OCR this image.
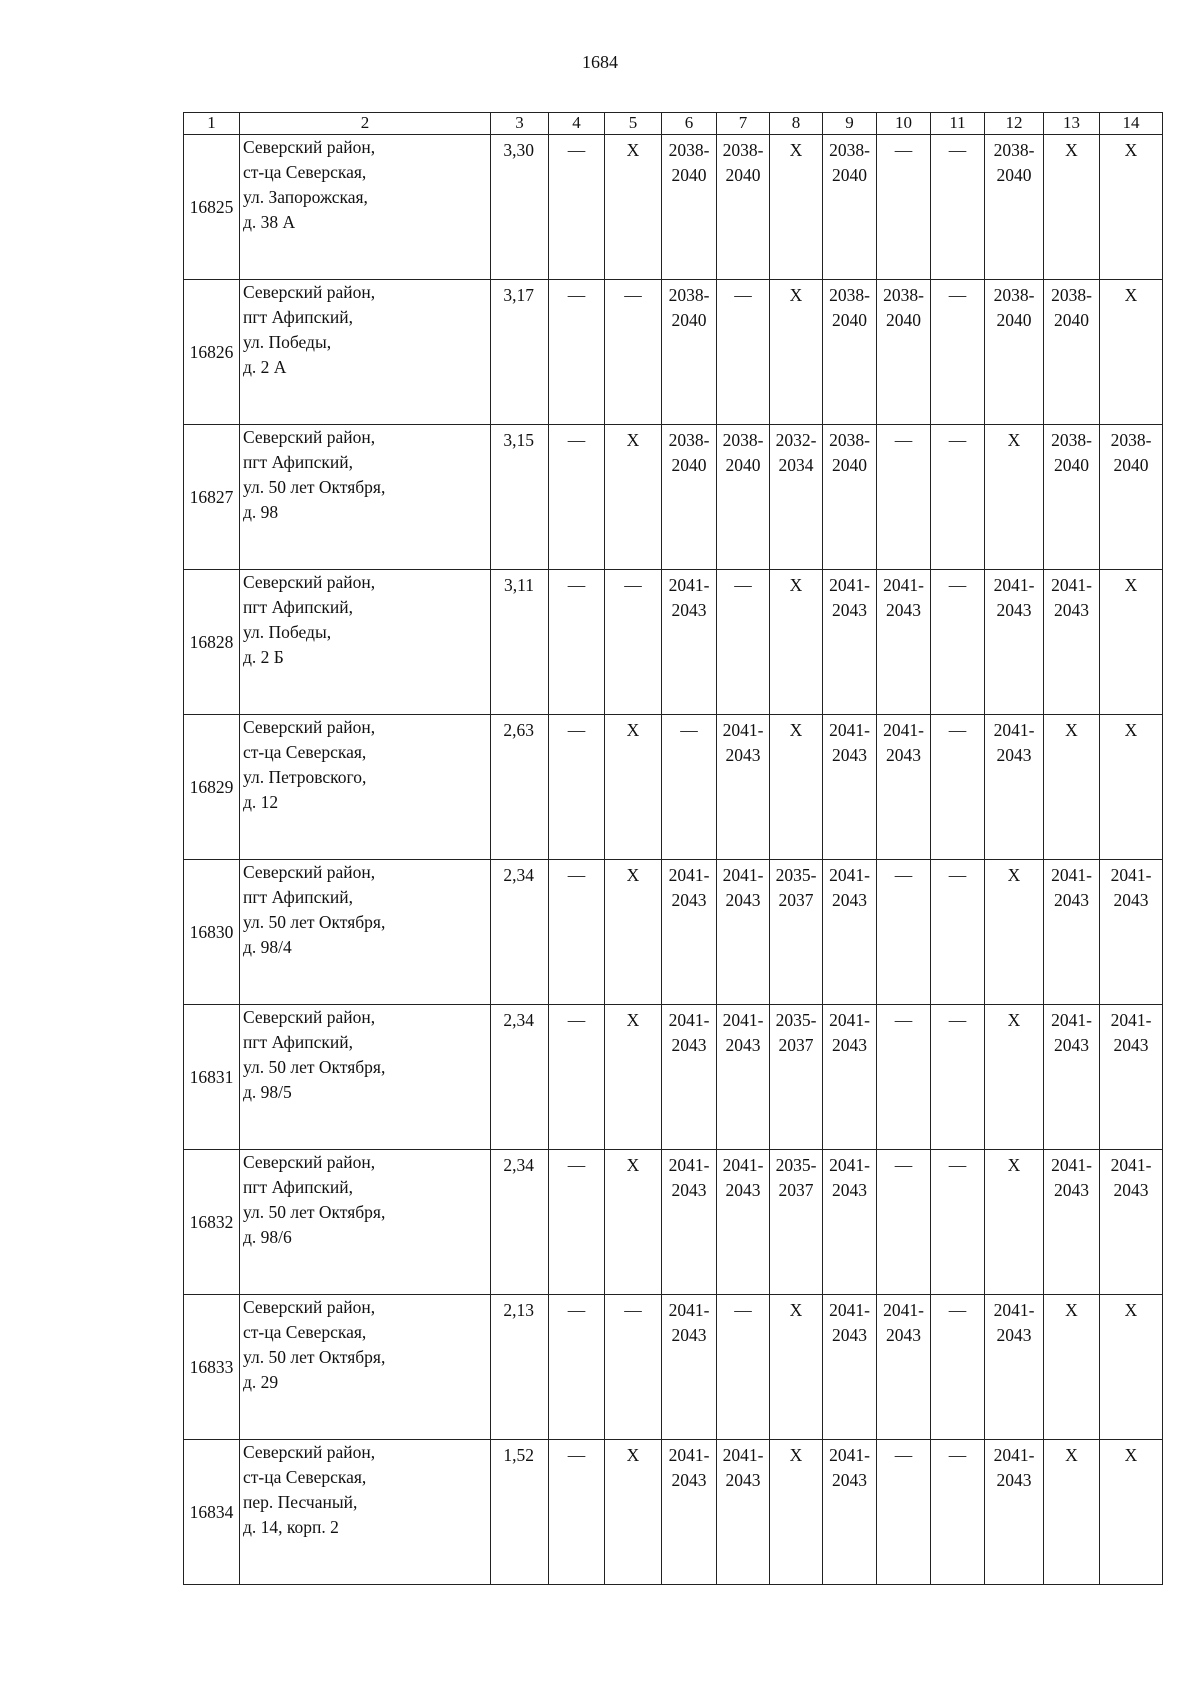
1684
1	2	3	4	5	6	7	8	9	10	11	12	13	14
16825	Северский район,
ст-ца Северская,
ул. Запорожская,
д. 38 А	3,30	—	X	2038-
2040	2038-
2040	X	2038-
2040	—	—	2038-
2040	X	X

16826	Северский район,
пгт Афипский,
ул. Победы,
д. 2 А	3,17	—	—	2038-
2040	—	X	2038-
2040	2038-
2040	—	2038-
2040	2038-
2040	X

16827	Северский район,
пгт Афипский,
ул. 50 лет Октября,
д. 98	3,15	—	X	2038-
2040	2038-
2040	2032-
2034	2038-
2040	—	—	X	2038-
2040	2038-
2040

16828	Северский район,
пгт Афипский,
ул. Победы,
д. 2 Б	3,11	—	—	2041-
2043	—	X	2041-
2043	2041-
2043	—	2041-
2043	2041-
2043	X

16829	Северский район,
ст-ца Северская,
ул. Петровского,
д. 12	2,63	—	X	—	2041-
2043	X	2041-
2043	2041-
2043	—	2041-
2043	X	X

16830	Северский район,
пгт Афипский,
ул. 50 лет Октября,
д. 98/4	2,34	—	X	2041-
2043	2041-
2043	2035-
2037	2041-
2043	—	—	X	2041-
2043	2041-
2043

16831	Северский район,
пгт Афипский,
ул. 50 лет Октября,
д. 98/5	2,34	—	X	2041-
2043	2041-
2043	2035-
2037	2041-
2043	—	—	X	2041-
2043	2041-
2043

16832	Северский район,
пгт Афипский,
ул. 50 лет Октября,
д. 98/6	2,34	—	X	2041-
2043	2041-
2043	2035-
2037	2041-
2043	—	—	X	2041-
2043	2041-
2043

16833	Северский район,
ст-ца Северская,
ул. 50 лет Октября,
д. 29	2,13	—	—	2041-
2043	—	X	2041-
2043	2041-
2043	—	2041-
2043	X	X

16834	Северский район,
ст-ца Северская,
пер. Песчаный,
д. 14, корп. 2	1,52	—	X	2041-
2043	2041-
2043	X	2041-
2043	—	—	2041-
2043	X	X
